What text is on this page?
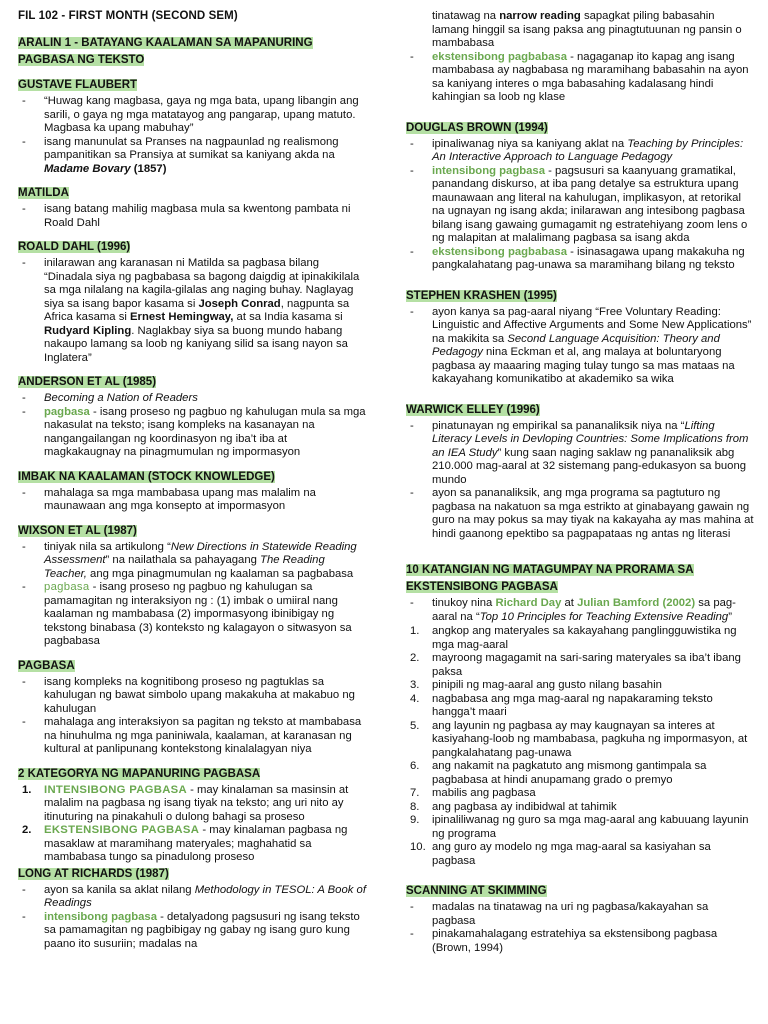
FIL 102 - FIRST MONTH (SECOND SEM)
ARALIN 1 - BATAYANG KAALAMAN SA MAPANURING PAGBASA NG TEKSTO
GUSTAVE FLAUBERT
- “Huwag kang magbasa, gaya ng mga bata, upang libangin ang sarili, o gaya ng mga matatayog ang pangarap, upang matuto. Magbasa ka upang mabuhay”
- isang manunulat sa Pranses na nagpaunlad ng realismong pampanitikan sa Pransiya at sumikat sa kaniyang akda na Madame Bovary (1857)
MATILDA
- isang batang mahilig magbasa mula sa kwentong pambata ni Roald Dahl
ROALD DAHL (1996)
- inilarawan ang karanasan ni Matilda sa pagbasa bilang “Dinadala siya ng pagbabasa sa bagong daigdig at ipinakikilala sa mga nilalang na kagila-gilalas ang naging buhay. Naglayag siya sa isang bapor kasama si Joseph Conrad, nagpunta sa Africa kasama si Ernest Hemingway, at sa India kasama si Rudyard Kipling. Naglakbay siya sa buong mundo habang nakaupo lamang sa loob ng kaniyang silid sa isang nayon sa Inglatera”
ANDERSON ET AL (1985)
- Becoming a Nation of Readers
- pagbasa - isang proseso ng pagbuo ng kahulugan mula sa mga nakasulat na teksto; isang kompleks na kasanayan na nangangailangan ng koordinasyon ng iba’t iba at magkakaugnay na pinagmumulan ng impormasyon
IMBAK NA KAALAMAN (STOCK KNOWLEDGE)
- mahalaga sa mga mambabasa upang mas malalim na maunawaan ang mga konsepto at impormasyon
WIXSON ET AL (1987)
- tiniyak nila sa artikulong “New Directions in Statewide Reading Assessment” na nailathala sa pahayagang The Reading Teacher, ang mga pinagmumulan ng kaalaman sa pagbabasa
- pagbasa - isang proseso ng pagbuo ng kahulugan sa pamamagitan ng interaksiyon ng : (1) imbak o umiiral nang kaalaman ng mambabasa (2) impormasyong ibinibigay ng tekstong binabasa (3) konteksto ng kalagayon o sitwasyon sa pagbabasa
PAGBASA
- isang kompleks na kognitibong proseso ng pagtuklas sa kahulugan ng bawat simbolo upang makakuha at makabuo ng kahulugan
- mahalaga ang interaksiyon sa pagitan ng teksto at mambabasa na hinuhulma ng mga paniniwala, kaalaman, at karanasan ng kultural at panlipunang kontekstong kinalalagyan niya
2 KATEGORYA NG MAPANURING PAGBASA
1. INTENSIBONG PAGBASA - may kinalaman sa masinsin at malalim na pagbasa ng isang tiyak na teksto; ang uri nito ay itinuturing na pinakahuli o dulong bahagi sa proseso
2. EKSTENSIBONG PAGBASA - may kinalaman pagbasa ng masaklaw at maramihang materyales; maghahatid sa mambabasa tungo sa pinadulong proseso
LONG AT RICHARDS (1987)
- ayon sa kanila sa aklat nilang Methodology in TESOL: A Book of Readings
- intensibong pagbasa - detalyadong pagsusuri ng isang teksto sa pamamagitan ng pagbibigay ng gabay ng isang guro kung paano ito susuriin; madalas na
tinatawag na narrow reading sapagkat piling babasahin lamang hinggil sa isang paksa ang pinagtutuunan ng pansin o mambabasa
- ekstensibong pagbabasa - nagaganap ito kapag ang isang mambabasa ay nagbabasa ng maramihang babasahin na ayon sa kaniyang interes o mga babasahing kadalasang hindi kahingian sa loob ng klase
DOUGLAS BROWN (1994)
- ipinaliwanag niya sa kaniyang aklat na Teaching by Principles: An Interactive Approach to Language Pedagogy
- intensibong pagbasa - pagsusuri sa kaanyuang gramatikal, panandang diskurso, at iba pang detalye sa estruktura upang maunawaan ang literal na kahulugan, implikasyon, at retorikal na ugnayan ng isang akda; inilarawan ang intesibong pagbasa bilang isang gawaing gumagamit ng estratehiyang zoom lens o ng malapitan at malalimang pagbasa sa isang akda
- ekstensibong pagbabasa - isinasagawa upang makakuha ng pangkalahatang pag-unawa sa maramihang bilang ng teksto
STEPHEN KRASHEN (1995)
- ayon kanya sa pag-aaral niyang “Free Voluntary Reading: Linguistic and Affective Arguments and Some New Applications” na makikita sa Second Language Acquisition: Theory and Pedagogy nina Eckman et al, ang malaya at boluntaryong pagbasa ay maaaring maging tulay tungo sa mas mataas na kakayahang komunikatibo at akademiko sa wika
WARWICK ELLEY (1996)
- pinatunayan ng empirikal sa pananaliksik niya na “Lifting Literacy Levels in Devloping Countries: Some Implications from an IEA Study” kung saan naging saklaw ng pananaliksik abg 210.000 mag-aaral at 32 sistemang pang-edukasyon sa buong mundo
- ayon sa pananaliksik, ang mga programa sa pagtuturo ng pagbasa na nakatuon sa mga estrikto at ginabayang gawain ng guro na may pokus sa may tiyak na kakayaha ay mas mahina at hindi gaanong epektibo sa pagpapataas ng antas ng literasi
10 KATANGIAN NG MATAGUMPAY NA PRORAMA SA EKSTENSIBONG PAGBASA
- tinukoy nina Richard Day at Julian Bamford (2002) sa pag-aaral na “Top 10 Principles for Teaching Extensive Reading”
1. angkop ang materyales sa kakayahang panglingguwistika ng mga mag-aaral
2. mayroong magagamit na sari-saring materyales sa iba’t ibang paksa
3. pinipili ng mag-aaral ang gusto nilang basahin
4. nagbabasa ang mga mag-aaral ng napakaraming teksto hangga’t maari
5. ang layunin ng pagbasa ay may kaugnayan sa interes at kasiyahang-loob ng mambabasa, pagkuha ng impormasyon, at pangkalahatang pag-unawa
6. ang nakamit na pagkatuto ang mismong gantimpala sa pagbabasa at hindi anupamang grado o premyo
7. mabilis ang pagbasa
8. ang pagbasa ay indibidwal at tahimik
9. ipinaliliwanag ng guro sa mga mag-aaral ang kabuuang layunin ng programa
10. ang guro ay modelo ng mga mag-aaral sa kasiyahan sa pagbasa
SCANNING AT SKIMMING
- madalas na tinatawag na uri ng pagbasa/kakayahan sa pagbasa
- pinakamahalagang estratehiya sa ekstensibong pagbasa (Brown, 1994)
